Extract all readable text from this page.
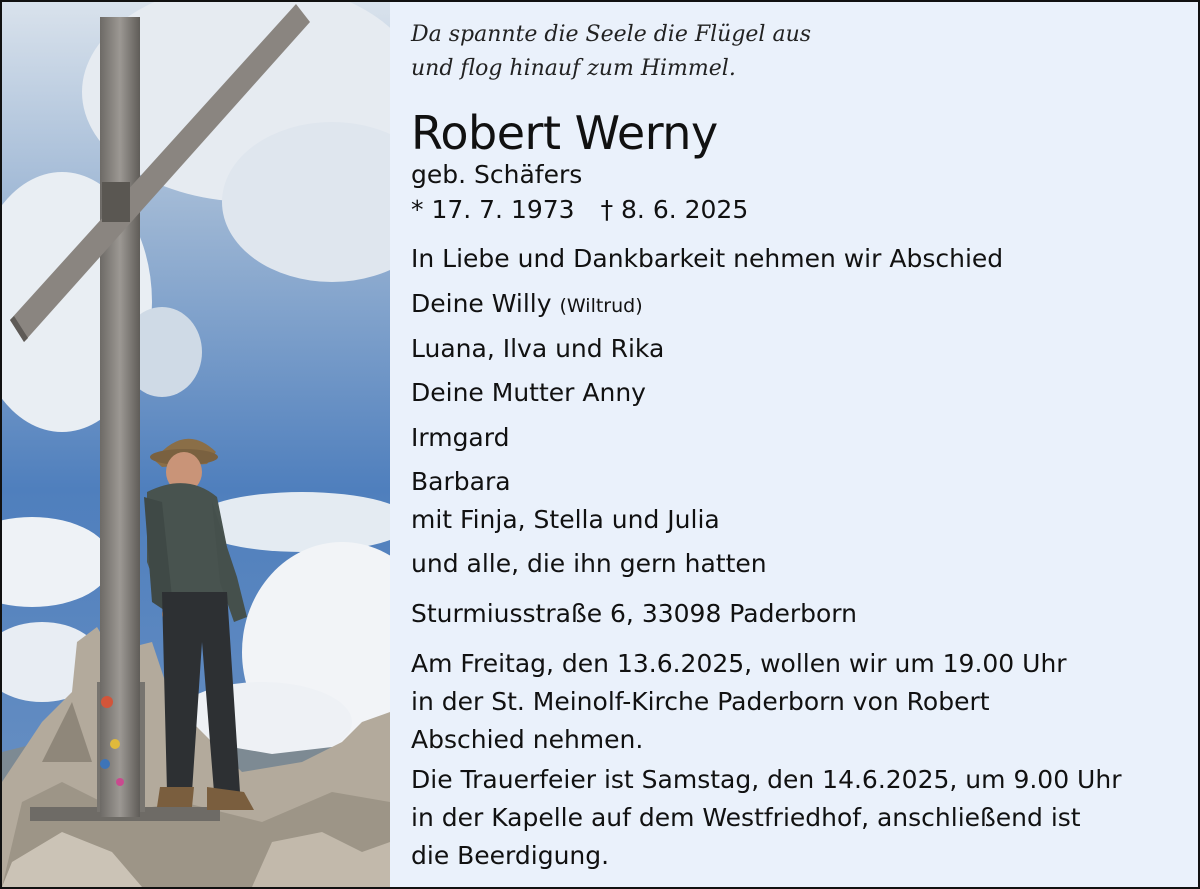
Da spannte die Seele die Flügel aus
und flog hinauf zum Himmel.
Robert Werny
geb. Schäfers
* 17. 7. 1973 † 8. 6. 2025
In Liebe und Dankbarkeit nehmen wir Abschied
Deine Willy (Wiltrud)
Luana, Ilva und Rika
Deine Mutter Anny
Irmgard
Barbara
mit Finja, Stella und Julia
und alle, die ihn gern hatten
Sturmiusstraße 6, 33098 Paderborn
Am Freitag, den 13.6.2025, wollen wir um 19.00 Uhr
in der St. Meinolf-Kirche Paderborn von Robert
Abschied nehmen.
Die Trauerfeier ist Samstag, den 14.6.2025, um 9.00 Uhr
in der Kapelle auf dem Westfriedhof, anschließend ist
die Beerdigung.
